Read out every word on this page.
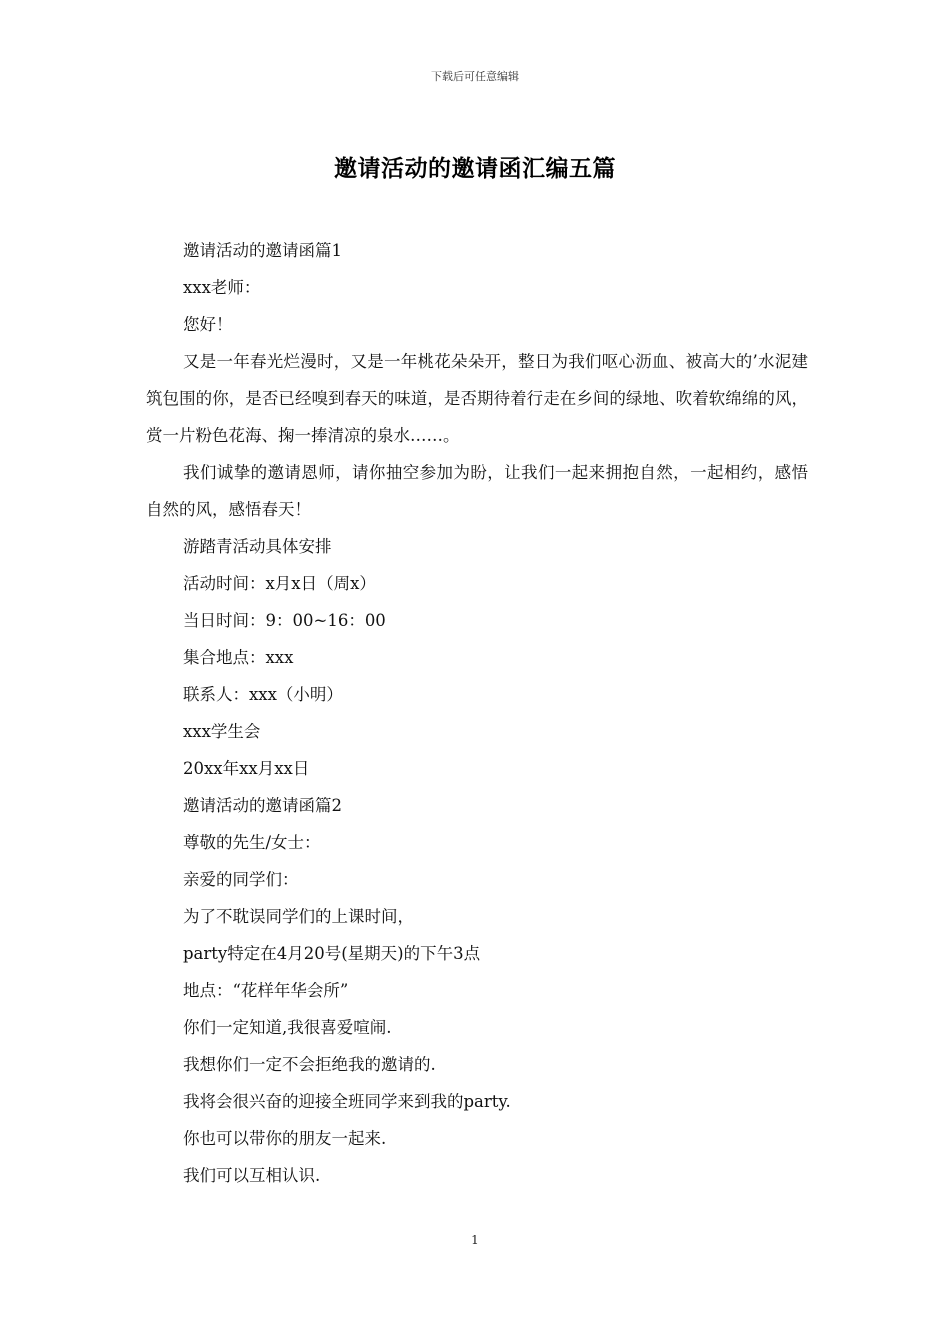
下载后可任意编辑
邀请活动的邀请函汇编五篇
邀请活动的邀请函篇1
xxx老师：
您好！

又是一年春光烂漫时，又是一年桃花朵朵开，整日为我们呕心沥血、被高大的’水泥建筑包围的你，是否已经嗅到春天的味道，是否期待着行走在乡间的绿地、吹着软绵绵的风，赏一片粉色花海、掬一捧清凉的泉水……。

我们诚挚的邀请恩师，请你抽空参加为盼，让我们一起来拥抱自然，一起相约，感悟自然的风，感悟春天！

游踏青活动具体安排
活动时间：x月x日（周x）
当日时间：9：00~16：00
集合地点：xxx
联系人：xxx（小明）
xxx学生会
20xx年xx月xx日
邀请活动的邀请函篇2
尊敬的先生/女士：
亲爱的同学们：
为了不耽误同学们的上课时间，
party特定在4月20号(星期天)的下午3点
地点：“花样年华会所”
你们一定知道,我很喜爱喧闹.
我想你们一定不会拒绝我的邀请的.
我将会很兴奋的迎接全班同学来到我的party.
你也可以带你的朋友一起来.
我们可以互相认识.
1
